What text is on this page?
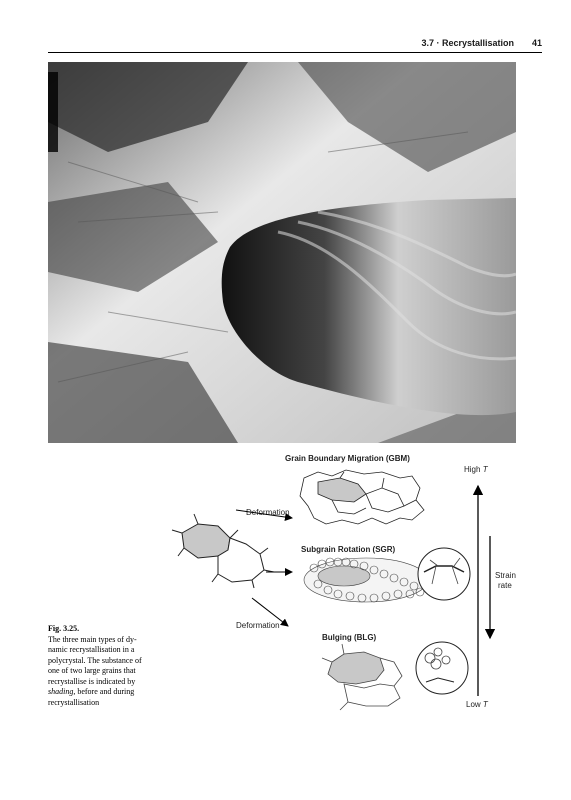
3.7 · Recrystallisation 41
Fig. 3.25.
The three main types of dy-
namic recrystallisation in a
polycrystal. The substance of
one of two large grains that
recrystallise is indicated by
shading, before and during
recrystallisation
Grain Boundary Migration (GBM)
Subgrain Rotation (SGR)
Bulging (BLG)
Deformation
Deformation
High T
Low T
Strain
rate
